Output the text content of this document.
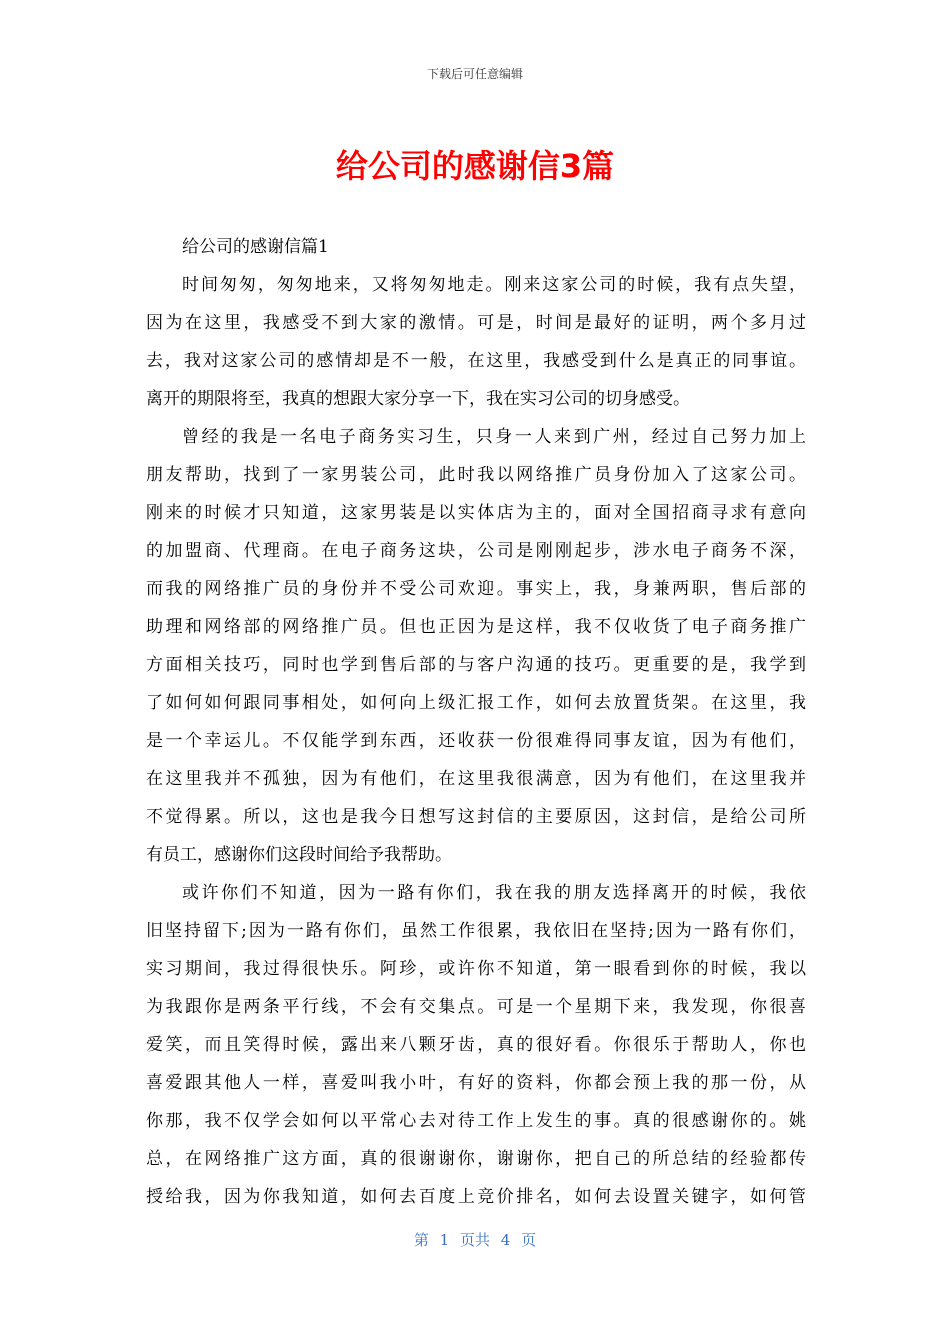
下载后可任意编辑
给公司的感谢信3篇

给公司的感谢信篇1

时间匆匆，匆匆地来，又将匆匆地走。刚来这家公司的时候，我有点失望，
因为在这里，我感受不到大家的激情。可是，时间是最好的证明，两个多月过
去，我对这家公司的感情却是不一般，在这里，我感受到什么是真正的同事谊。
离开的期限将至，我真的想跟大家分享一下，我在实习公司的切身感受。

曾经的我是一名电子商务实习生，只身一人来到广州，经过自己努力加上
朋友帮助，找到了一家男装公司，此时我以网络推广员身份加入了这家公司。
刚来的时候才只知道，这家男装是以实体店为主的，面对全国招商寻求有意向
的加盟商、代理商。在电子商务这块，公司是刚刚起步，涉水电子商务不深，
而我的网络推广员的身份并不受公司欢迎。事实上，我，身兼两职，售后部的
助理和网络部的网络推广员。但也正因为是这样，我不仅收货了电子商务推广
方面相关技巧，同时也学到售后部的与客户沟通的技巧。更重要的是，我学到
了如何如何跟同事相处，如何向上级汇报工作，如何去放置货架。在这里，我
是一个幸运儿。不仅能学到东西，还收获一份很难得同事友谊，因为有他们，
在这里我并不孤独，因为有他们，在这里我很满意，因为有他们，在这里我并
不觉得累。所以，这也是我今日想写这封信的主要原因，这封信，是给公司所
有员工，感谢你们这段时间给予我帮助。

或许你们不知道，因为一路有你们，我在我的朋友选择离开的时候，我依
旧坚持留下;因为一路有你们，虽然工作很累，我依旧在坚持;因为一路有你们，
实习期间，我过得很快乐。阿珍，或许你不知道，第一眼看到你的时候，我以
为我跟你是两条平行线，不会有交集点。可是一个星期下来，我发现，你很喜
爱笑，而且笑得时候，露出来八颗牙齿，真的很好看。你很乐于帮助人，你也
喜爱跟其他人一样，喜爱叫我小叶，有好的资料，你都会预上我的那一份，从
你那，我不仅学会如何以平常心去对待工作上发生的事。真的很感谢你的。姚
总，在网络推广这方面，真的很谢谢你，谢谢你，把自己的所总结的经验都传
授给我，因为你我知道，如何去百度上竞价排名，如何去设置关键字，如何管

第 1 页共 4 页
